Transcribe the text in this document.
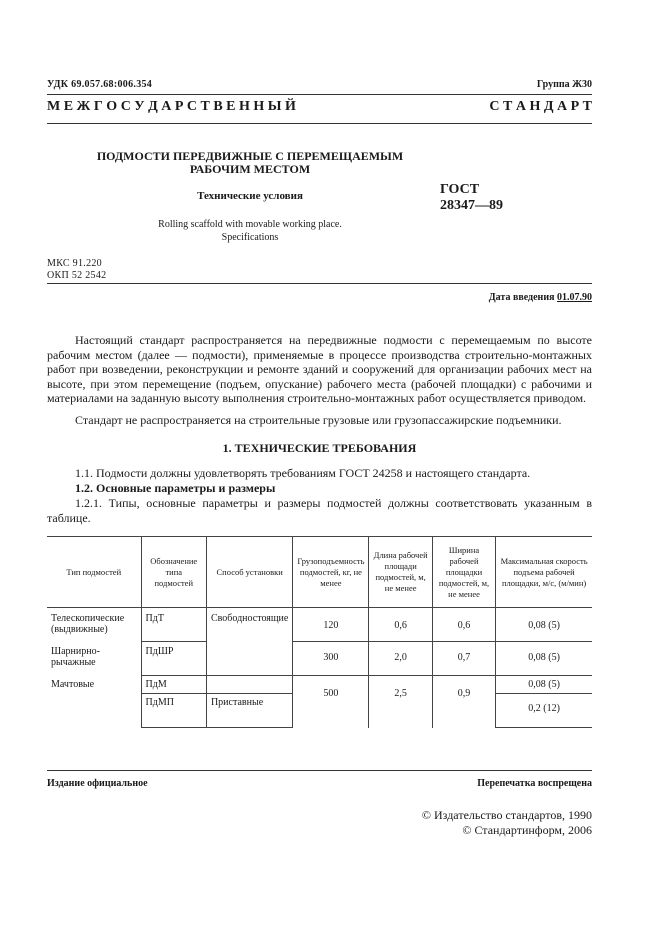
УДК 69.057.68:006.354	Группа Ж30
М Е Ж Г О С У Д А Р С Т В Е Н Н Ы Й	С Т А Н Д А Р Т
ПОДМОСТИ ПЕРЕДВИЖНЫЕ С ПЕРЕМЕЩАЕМЫМ
РАБОЧИМ МЕСТОМ
Технические условия	ГОСТ
28347—89
Rolling scaffold with movable working place.
Specifications
МКС 91.220
ОКП 52 2542
Дата введения 01.07.90
Настоящий стандарт распространяется на передвижные подмости с перемещаемым по высоте рабочим местом (далее — подмости), применяемые в процессе производства строительно-монтажных работ при возведении, реконструкции и ремонте зданий и сооружений для организации рабочих мест на высоте, при этом перемещение (подъем, опускание) рабочего места (рабочей площадки) с рабочими и материалами на заданную высоту выполнения строительно-монтажных работ осуществляется приводом.
Стандарт не распространяется на строительные грузовые или грузопассажирские подъемники.
1. ТЕХНИЧЕСКИЕ ТРЕБОВАНИЯ
1.1. Подмости должны удовлетворять требованиям ГОСТ 24258 и настоящего стандарта.
1.2. Основные параметры и размеры
1.2.1. Типы, основные параметры и размеры подмостей должны соответствовать указанным в таблице.
Тип подмостей	Обозначение типа подмостей	Способ установки	Грузоподъемность подмостей, кг, не менее	Длина рабочей площади подмостей, м, не менее	Ширина рабочей площадки подмостей, м, не менее	Максимальная скорость подъема рабочей площадки, м/с, (м/мин)
Телескопические (выдвижные)	ПдТ	Свободностоящие	120	0,6	0,6	0,08 (5)
Шарнирно-рычажные	ПдШР		300	2,0	0,7	0,08 (5)
Мачтовые	ПдМ		500	2,5	0,9	0,08 (5)
	ПдМП	Приставные				0,2 (12)
Издание официальное	Перепечатка воспрещена
© Издательство стандартов, 1990
© Стандартинформ, 2006
